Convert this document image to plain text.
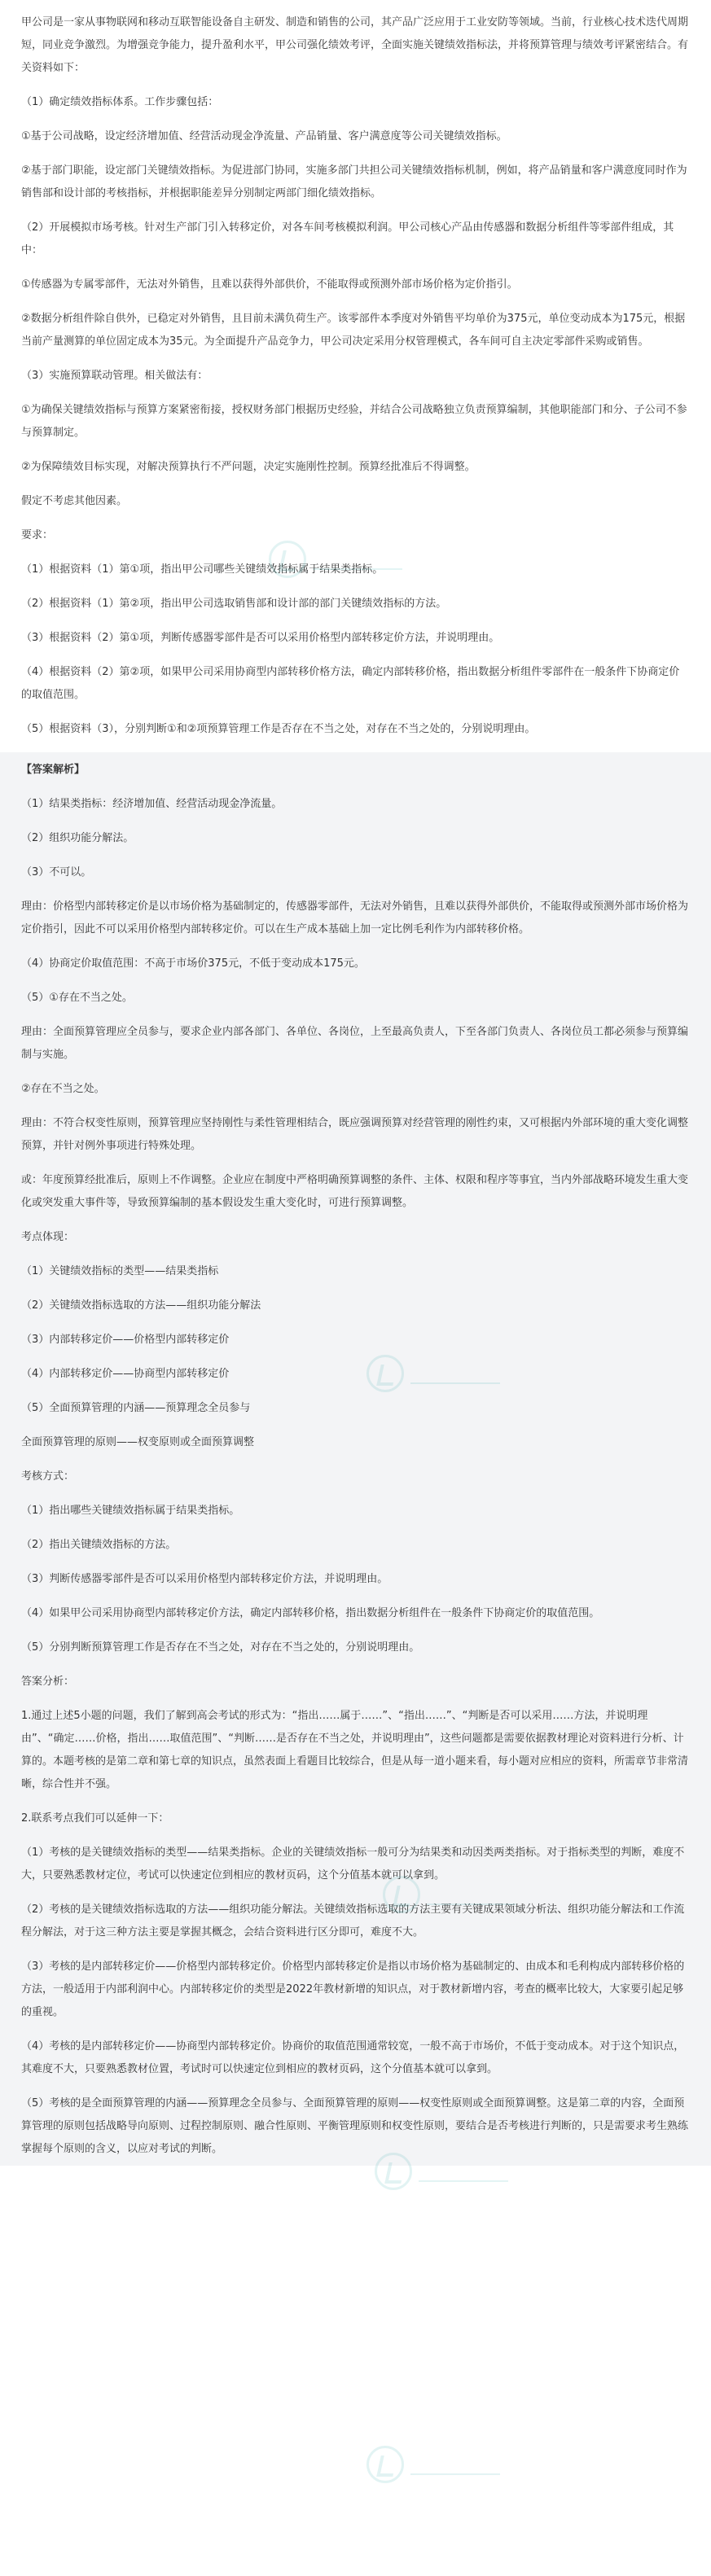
甲公司是一家从事物联网和移动互联智能设备自主研发、制造和销售的公司，其产品广泛应用于工业安防等领域。当前，行业核心技术迭代周期短，同业竞争激烈。为增强竞争能力，提升盈利水平，甲公司强化绩效考评，全面实施关键绩效指标法，并将预算管理与绩效考评紧密结合。有关资料如下：

（1）确定绩效指标体系。工作步骤包括：

①基于公司战略，设定经济增加值、经营活动现金净流量、产品销量、客户满意度等公司关键绩效指标。

②基于部门职能，设定部门关键绩效指标。为促进部门协同，实施多部门共担公司关键绩效指标机制，例如，将产品销量和客户满意度同时作为销售部和设计部的考核指标，并根据职能差异分别制定两部门细化绩效指标。

（2）开展模拟市场考核。针对生产部门引入转移定价，对各车间考核模拟利润。甲公司核心产品由传感器和数据分析组件等零部件组成，其中：

①传感器为专属零部件，无法对外销售，且难以获得外部供价，不能取得或预测外部市场价格为定价指引。

②数据分析组件除自供外，已稳定对外销售，且目前未满负荷生产。该零部件本季度对外销售平均单价为375元，单位变动成本为175元，根据当前产量测算的单位固定成本为35元。为全面提升产品竞争力，甲公司决定采用分权管理模式，各车间可自主决定零部件采购或销售。

（3）实施预算联动管理。相关做法有：

①为确保关键绩效指标与预算方案紧密衔接，授权财务部门根据历史经验，并结合公司战略独立负责预算编制，其他职能部门和分、子公司不参与预算制定。

②为保障绩效目标实现，对解决预算执行不严问题，决定实施刚性控制。预算经批准后不得调整。

假定不考虑其他因素。

要求：

（1）根据资料（1）第①项，指出甲公司哪些关键绩效指标属于结果类指标。

（2）根据资料（1）第②项，指出甲公司选取销售部和设计部的部门关键绩效指标的方法。

（3）根据资料（2）第①项，判断传感器零部件是否可以采用价格型内部转移定价方法，并说明理由。

（4）根据资料（2）第②项，如果甲公司采用协商型内部转移价格方法，确定内部转移价格，指出数据分析组件零部件在一般条件下协商定价的取值范围。

（5）根据资料（3），分别判断①和②项预算管理工作是否存在不当之处，对存在不当之处的，分别说明理由。

【答案解析】

（1）结果类指标：经济增加值、经营活动现金净流量。

（2）组织功能分解法。

（3）不可以。

理由：价格型内部转移定价是以市场价格为基础制定的，传感器零部件，无法对外销售，且难以获得外部供价，不能取得或预测外部市场价格为定价指引，因此不可以采用价格型内部转移定价。可以在生产成本基础上加一定比例毛利作为内部转移价格。

（4）协商定价取值范围：不高于市场价375元，不低于变动成本175元。

（5）①存在不当之处。

理由：全面预算管理应全员参与，要求企业内部各部门、各单位、各岗位，上至最高负责人，下至各部门负责人、各岗位员工都必须参与预算编制与实施。

②存在不当之处。

理由：不符合权变性原则，预算管理应坚持刚性与柔性管理相结合，既应强调预算对经营管理的刚性约束，又可根据内外部环境的重大变化调整预算，并针对例外事项进行特殊处理。

或：年度预算经批准后，原则上不作调整。企业应在制度中严格明确预算调整的条件、主体、权限和程序等事宜，当内外部战略环境发生重大变化或突发重大事件等，导致预算编制的基本假设发生重大变化时，可进行预算调整。

考点体现：

（1）关键绩效指标的类型——结果类指标

（2）关键绩效指标选取的方法——组织功能分解法

（3）内部转移定价——价格型内部转移定价

（4）内部转移定价——协商型内部转移定价

（5）全面预算管理的内涵——预算理念全员参与

全面预算管理的原则——权变原则或全面预算调整

考核方式：

（1）指出哪些关键绩效指标属于结果类指标。

（2）指出关键绩效指标的方法。

（3）判断传感器零部件是否可以采用价格型内部转移定价方法，并说明理由。

（4）如果甲公司采用协商型内部转移定价方法，确定内部转移价格，指出数据分析组件在一般条件下协商定价的取值范围。

（5）分别判断预算管理工作是否存在不当之处，对存在不当之处的，分别说明理由。

答案分析：

1.通过上述5小题的问题，我们了解到高会考试的形式为：“指出……属于……”、“指出……”、“判断是否可以采用……方法，并说明理由”、“确定……价格，指出……取值范围”、“判断……是否存在不当之处，并说明理由”，这些问题都是需要依据教材理论对资料进行分析、计算的。本题考核的是第二章和第七章的知识点，虽然表面上看题目比较综合，但是从每一道小题来看，每小题对应相应的资料，所需章节非常清晰，综合性并不强。

2.联系考点我们可以延伸一下：

（1）考核的是关键绩效指标的类型——结果类指标。企业的关键绩效指标一般可分为结果类和动因类两类指标。对于指标类型的判断，难度不大，只要熟悉教材定位，考试可以快速定位到相应的教材页码，这个分值基本就可以拿到。

（2）考核的是关键绩效指标选取的方法——组织功能分解法。关键绩效指标选取的方法主要有关键成果领域分析法、组织功能分解法和工作流程分解法，对于这三种方法主要是掌握其概念，会结合资料进行区分即可，难度不大。

（3）考核的是内部转移定价——价格型内部转移定价。价格型内部转移定价是指以市场价格为基础制定的、由成本和毛利构成内部转移价格的方法，一般适用于内部利润中心。内部转移定价的类型是2022年教材新增的知识点，对于教材新增内容，考查的概率比较大，大家要引起足够的重视。

（4）考核的是内部转移定价——协商型内部转移定价。协商价的取值范围通常较宽，一般不高于市场价，不低于变动成本。对于这个知识点，其难度不大，只要熟悉教材位置，考试时可以快速定位到相应的教材页码，这个分值基本就可以拿到。

（5）考核的是全面预算管理的内涵——预算理念全员参与、全面预算管理的原则——权变性原则或全面预算调整。这是第二章的内容，全面预算管理的原则包括战略导向原则、过程控制原则、融合性原则、平衡管理原则和权变性原则，要结合是否考核进行判断的，只是需要求考生熟练掌握每个原则的含义，以应对考试的判断。
